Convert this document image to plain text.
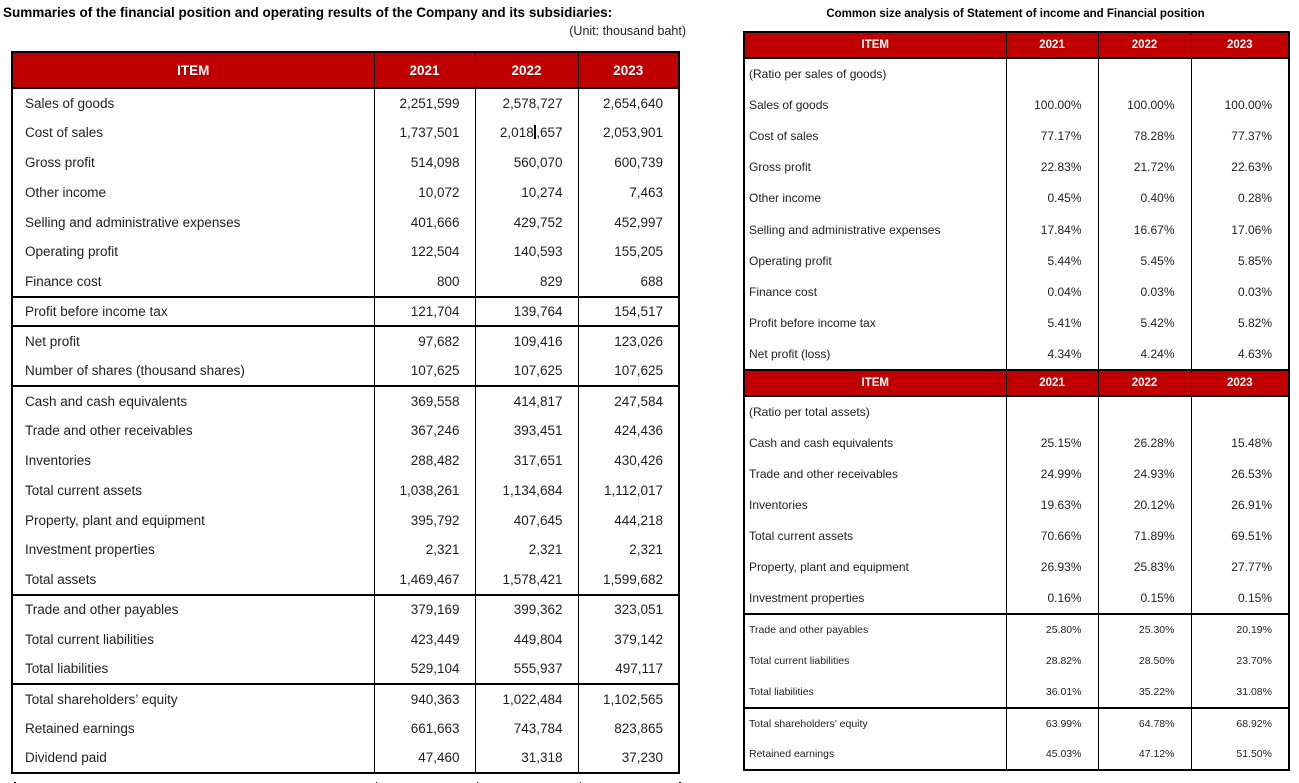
Summaries of the financial position and operating results of the Company and its subsidiaries:
(Unit: thousand baht)
ITEM	2021	2022	2023
Sales of goods	2,251,599	2,578,727	2,654,640
Cost of sales	1,737,501	2,018 ,657	2,053,901
Gross profit	514,098	560,070	600,739
Other income	10,072	10,274	7,463
Selling and administrative expenses	401,666	429,752	452,997
Operating profit	122,504	140,593	155,205
Finance cost	800	829	688
Profit before income tax	121,704	139,764	154,517
Net profit	97,682	109,416	123,026
Number of shares (thousand shares)	107,625	107,625	107,625
Cash and cash equivalents	369,558	414,817	247,584
Trade and other receivables	367,246	393,451	424,436
Inventories	288,482	317,651	430,426
Total current assets	1,038,261	1,134,684	1,112,017
Property, plant and equipment	395,792	407,645	444,218
Investment properties	2,321	2,321	2,321
Total assets	1,469,467	1,578,421	1,599,682
Trade and other payables	379,169	399,362	323,051
Total current liabilities	423,449	449,804	379,142
Total liabilities	529,104	555,937	497,117
Total shareholders’ equity	940,363	1,022,484	1,102,565
Retained earnings	661,663	743,784	823,865
Dividend paid	47,460	31,318	37,230
Common size analysis of Statement of income and Financial position
ITEM	2021	2022	2023
(Ratio per sales of goods)			
Sales of goods	100.00%	100.00%	100.00%
Cost of sales	77.17%	78.28%	77.37%
Gross profit	22.83%	21.72%	22.63%
Other income	0.45%	0.40%	0.28%
Selling and administrative expenses	17.84%	16.67%	17.06%
Operating profit	5.44%	5.45%	5.85%
Finance cost	0.04%	0.03%	0.03%
Profit before income tax	5.41%	5.42%	5.82%
Net profit (loss)	4.34%	4.24%	4.63%
ITEM	2021	2022	2023
(Ratio per total assets)			
Cash and cash equivalents	25.15%	26.28%	15.48%
Trade and other receivables	24.99%	24.93%	26.53%
Inventories	19.63%	20.12%	26.91%
Total current assets	70.66%	71.89%	69.51%
Property, plant and equipment	26.93%	25.83%	27.77%
Investment properties	0.16%	0.15%	0.15%
Trade and other payables	25.80%	25.30%	20.19%
Total current liabilities	28.82%	28.50%	23.70%
Total liabilities	36.01%	35.22%	31.08%
Total shareholders’ equity	63.99%	64.78%	68.92%
Retained earnings	45.03%	47.12%	51.50%
